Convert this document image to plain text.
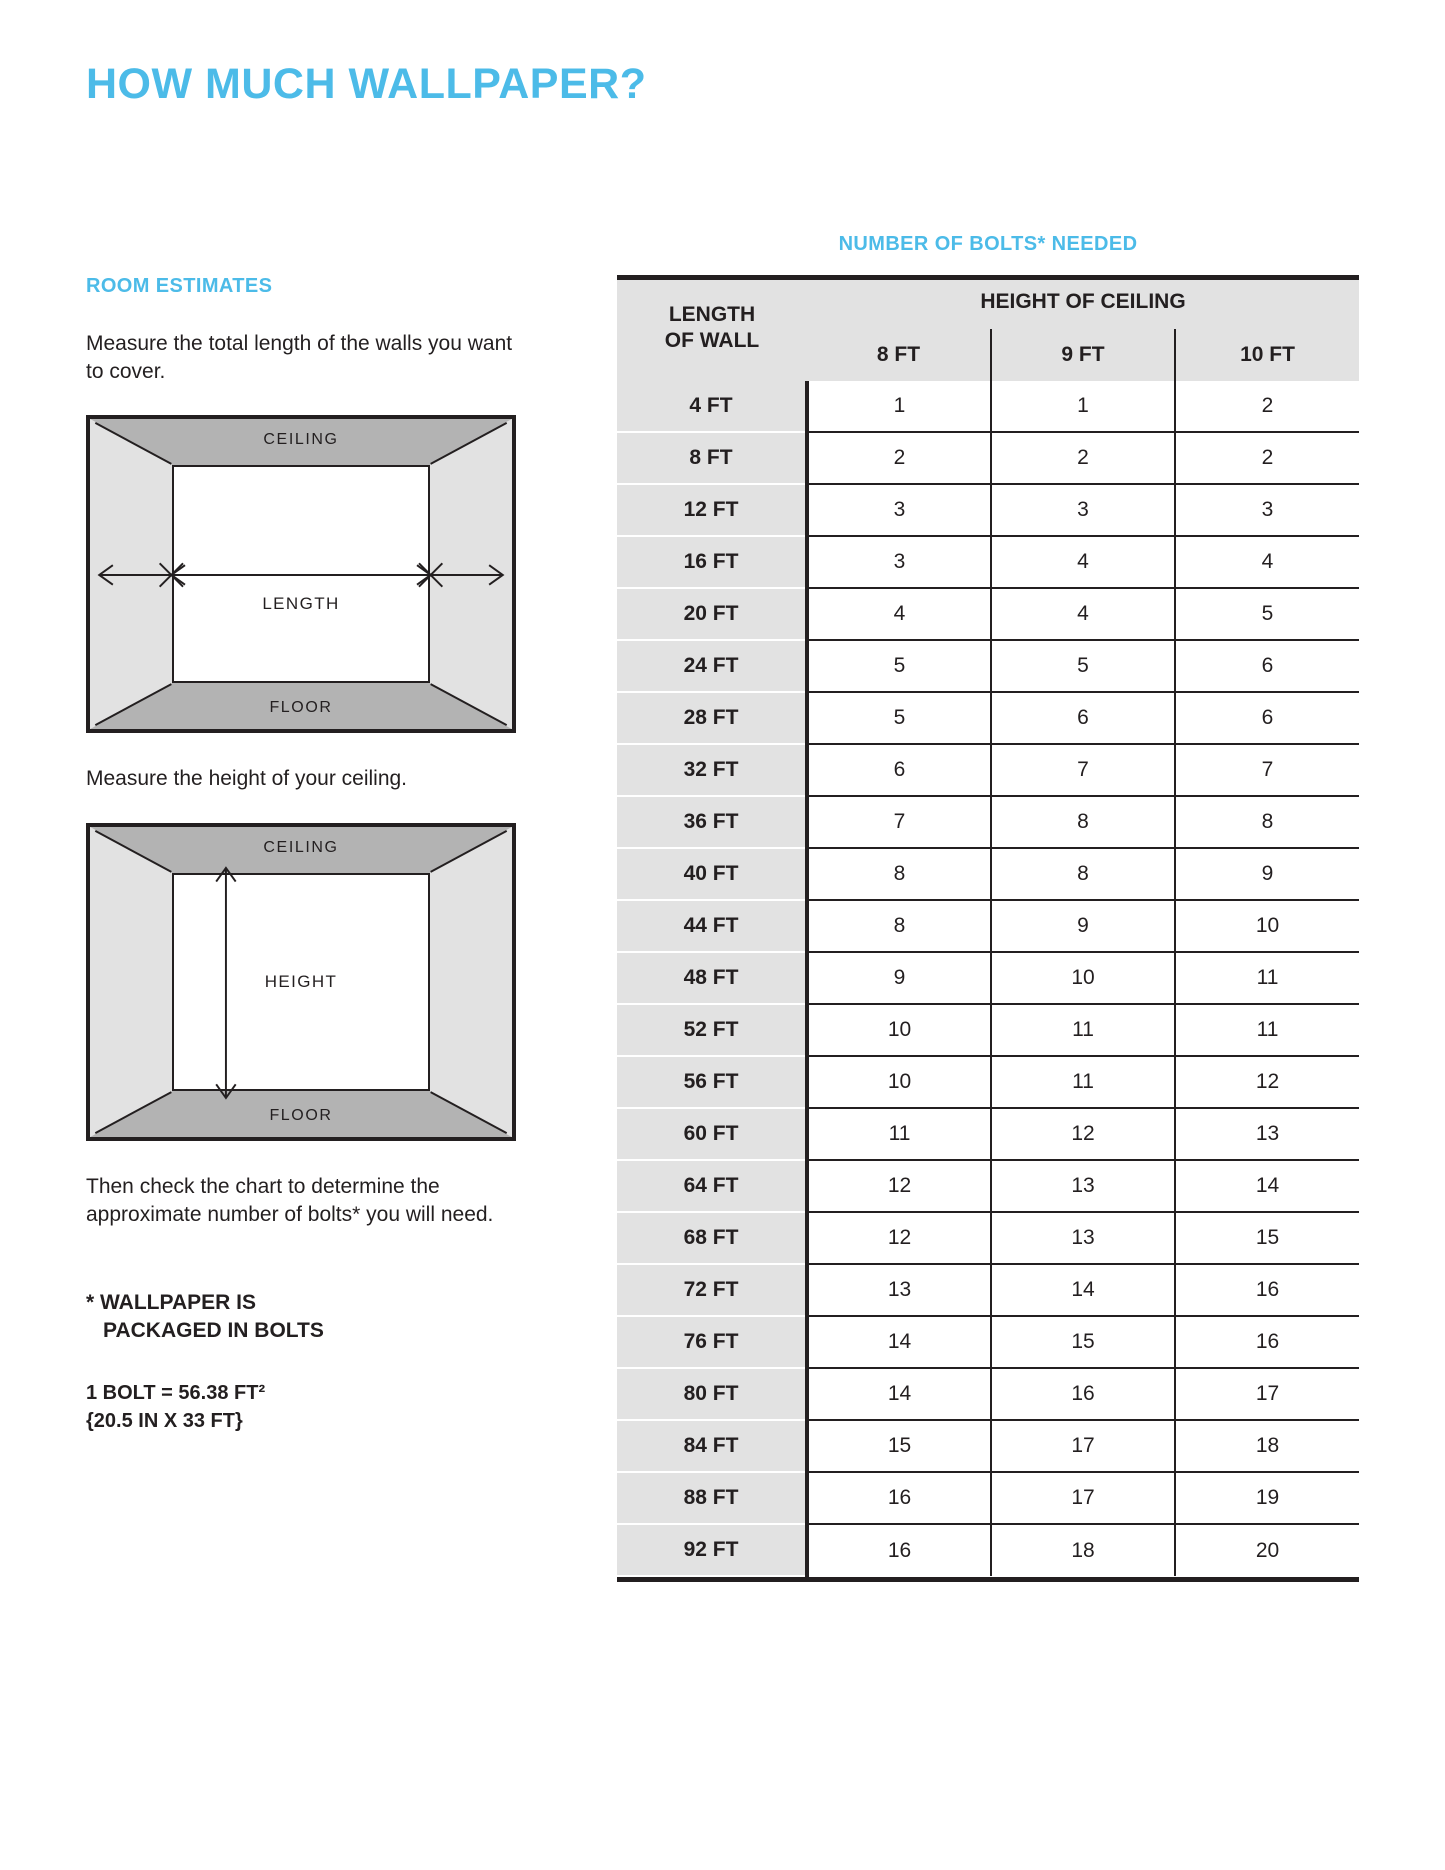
HOW MUCH WALLPAPER?
ROOM ESTIMATES
Measure the total length of the walls you want to cover.
CEILING
FLOOR
LENGTH
Measure the height of your ceiling.
CEILING
FLOOR
HEIGHT
Then check the chart to determine the approximate number of bolts* you will need.
* WALLPAPER IS
PACKAGED IN BOLTS
1 BOLT = 56.38 FT²
{20.5 IN X 33 FT}
NUMBER OF BOLTS* NEEDED
LENGTH
OF WALL	HEIGHT OF CEILING		
	8 FT	9 FT	10 FT
4 FT	1	1	2
8 FT	2	2	2
12 FT	3	3	3
16 FT	3	4	4
20 FT	4	4	5
24 FT	5	5	6
28 FT	5	6	6
32 FT	6	7	7
36 FT	7	8	8
40 FT	8	8	9
44 FT	8	9	10
48 FT	9	10	11
52 FT	10	11	11
56 FT	10	11	12
60 FT	11	12	13
64 FT	12	13	14
68 FT	12	13	15
72 FT	13	14	16
76 FT	14	15	16
80 FT	14	16	17
84 FT	15	17	18
88 FT	16	17	19
92 FT	16	18	20
